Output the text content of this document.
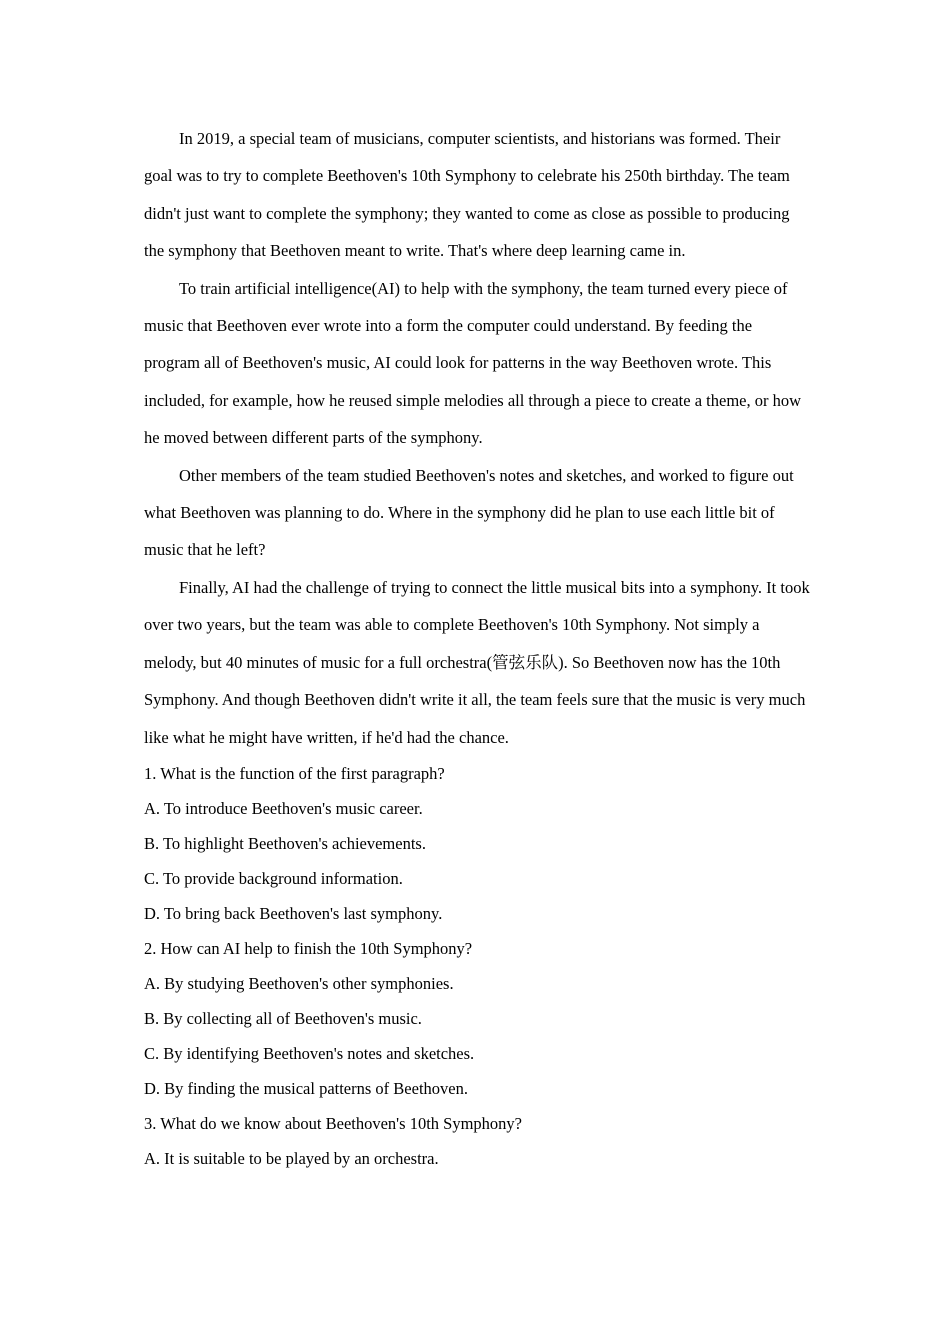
In 2019, a special team of musicians, computer scientists, and historians was formed. Their goal was to try to complete Beethoven's 10th Symphony to celebrate his 250th birthday. The team didn't just want to complete the symphony; they wanted to come as close as possible to producing the symphony that Beethoven meant to write. That's where deep learning came in.

To train artificial intelligence(AI) to help with the symphony, the team turned every piece of music that Beethoven ever wrote into a form the computer could understand. By feeding the program all of Beethoven's music, AI could look for patterns in the way Beethoven wrote. This included, for example, how he reused simple melodies all through a piece to create a theme, or how he moved between different parts of the symphony.

Other members of the team studied Beethoven's notes and sketches, and worked to figure out what Beethoven was planning to do. Where in the symphony did he plan to use each little bit of music that he left?

Finally, AI had the challenge of trying to connect the little musical bits into a symphony. It took over two years, but the team was able to complete Beethoven's 10th Symphony. Not simply a melody, but 40 minutes of music for a full orchestra(管弦乐队). So Beethoven now has the 10th Symphony. And though Beethoven didn't write it all, the team feels sure that the music is very much like what he might have written, if he'd had the chance.

1. What is the function of the first paragraph?

A. To introduce Beethoven's music career.

B. To highlight Beethoven's achievements.

C. To provide background information.

D. To bring back Beethoven's last symphony.

2. How can AI help to finish the 10th Symphony?

A. By studying Beethoven's other symphonies.

B. By collecting all of Beethoven's music.

C. By identifying Beethoven's notes and sketches.

D. By finding the musical patterns of Beethoven.

3. What do we know about Beethoven's 10th Symphony?

A. It is suitable to be played by an orchestra.
